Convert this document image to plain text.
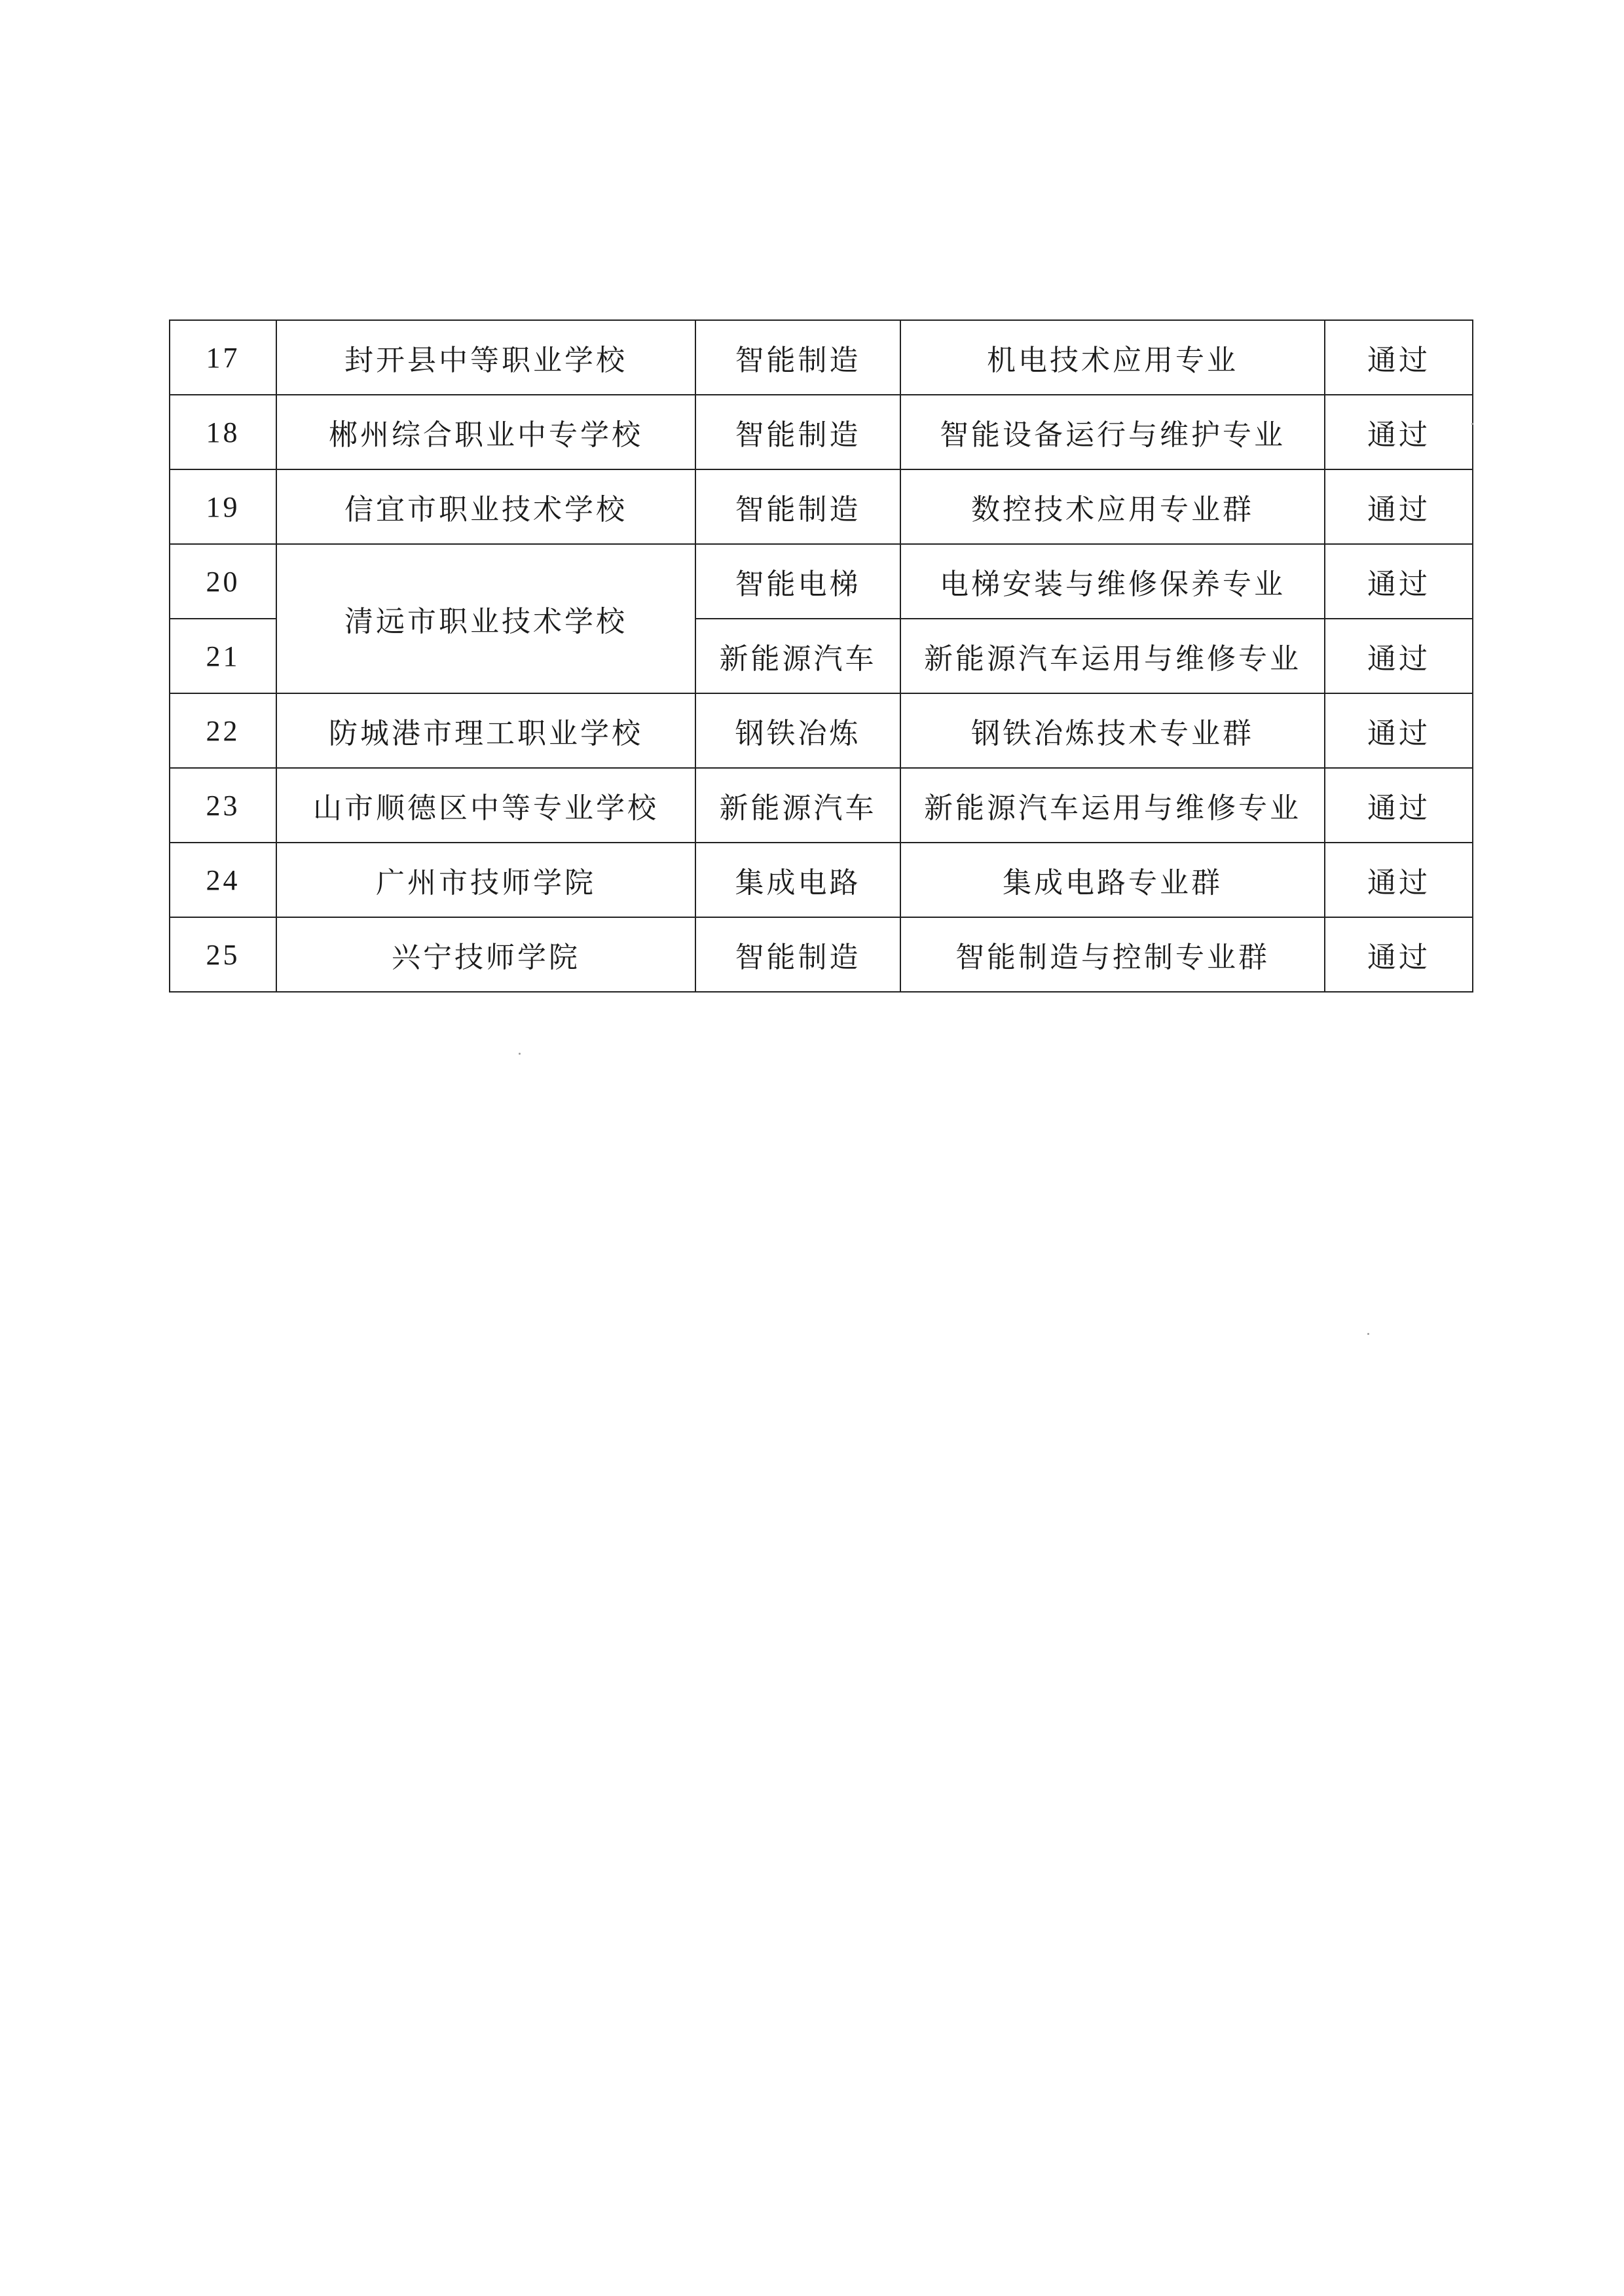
17	封开县中等职业学校	智能制造	机电技术应用专业	通过
18	郴州综合职业中专学校	智能制造	智能设备运行与维护专业	通过
19	信宜市职业技术学校	智能制造	数控技术应用专业群	通过
20	清远市职业技术学校	智能电梯	电梯安装与维修保养专业	通过
21		新能源汽车	新能源汽车运用与维修专业	通过
22	防城港市理工职业学校	钢铁冶炼	钢铁冶炼技术专业群	通过
23	山市顺德区中等专业学校	新能源汽车	新能源汽车运用与维修专业	通过
24	广州市技师学院	集成电路	集成电路专业群	通过
25	兴宁技师学院	智能制造	智能制造与控制专业群	通过
